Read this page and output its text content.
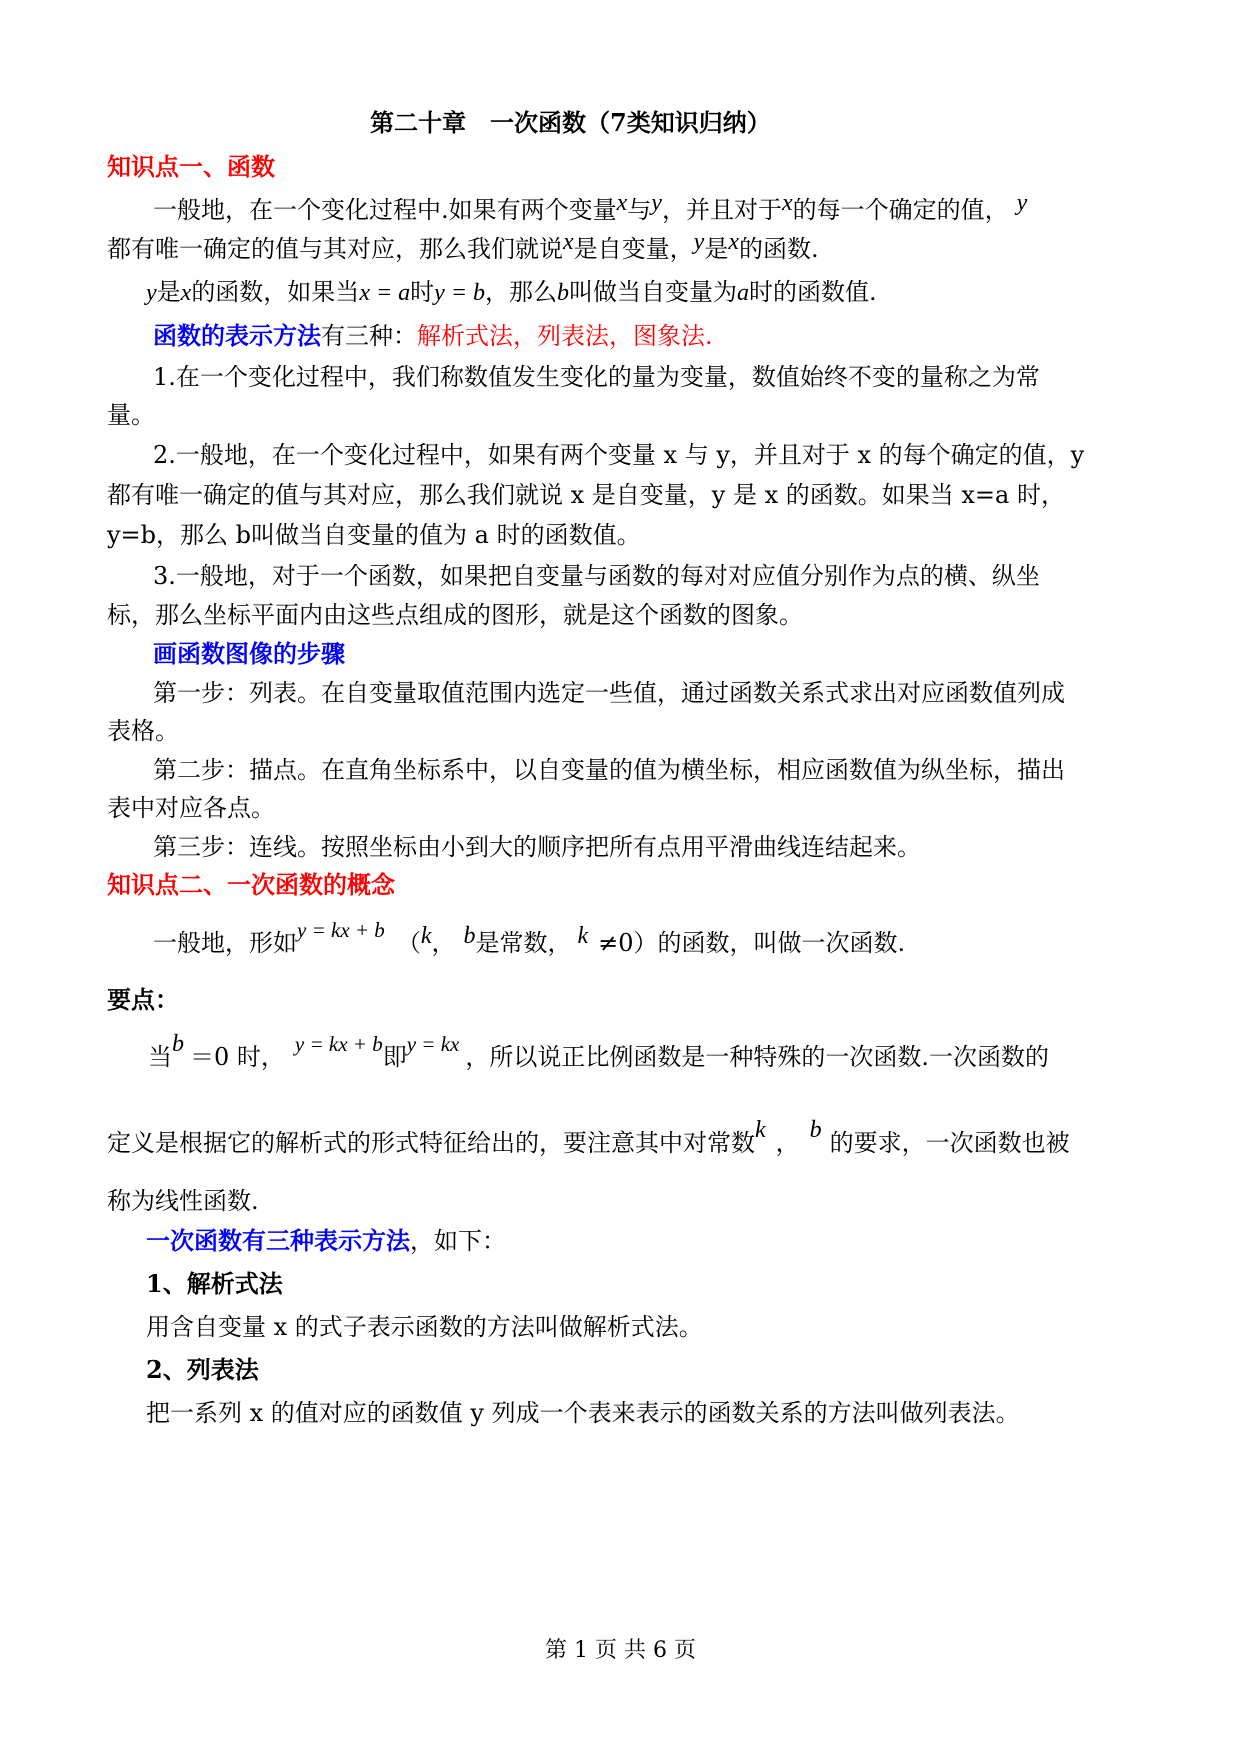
第二十章　一次函数（7类知识归纳）
知识点一、函数
一般地，在一个变化过程中.如果有两个变量x与y，并且对于x的每一个确定的值， y
都有唯一确定的值与其对应，那么我们就说x是自变量，y是x的函数.
y是x的函数，如果当x = a时y = b，那么b叫做当自变量为a时的函数值.
函数的表示方法有三种：解析式法，列表法，图象法.
1.在一个变化过程中，我们称数值发生变化的量为变量，数值始终不变的量称之为常
量。
2.一般地，在一个变化过程中，如果有两个变量 x 与 y，并且对于 x 的每个确定的值，y
都有唯一确定的值与其对应，那么我们就说 x 是自变量，y 是 x 的函数。如果当 x=a 时，
y=b，那么 b叫做当自变量的值为 a 时的函数值。
3.一般地，对于一个函数，如果把自变量与函数的每对对应值分别作为点的横、纵坐
标，那么坐标平面内由这些点组成的图形，就是这个函数的图象。
画函数图像的步骤
第一步：列表。在自变量取值范围内选定一些值，通过函数关系式求出对应函数值列成
表格。
第二步：描点。在直角坐标系中，以自变量的值为横坐标，相应函数值为纵坐标，描出
表中对应各点。
第三步：连线。按照坐标由小到大的顺序把所有点用平滑曲线连结起来。
知识点二、一次函数的概念
一般地，形如y = kx + b （k， b是常数， k ≠0）的函数，叫做一次函数.
要点：
当b ＝0 时， y = kx + b即y = kx ，所以说正比例函数是一种特殊的一次函数.一次函数的
定义是根据它的解析式的形式特征给出的，要注意其中对常数k ， b 的要求，一次函数也被
称为线性函数.
一次函数有三种表示方法，如下：
1、解析式法
用含自变量 x 的式子表示函数的方法叫做解析式法。
2、列表法
把一系列 x 的值对应的函数值 y 列成一个表来表示的函数关系的方法叫做列表法。
第 1 页 共 6 页
